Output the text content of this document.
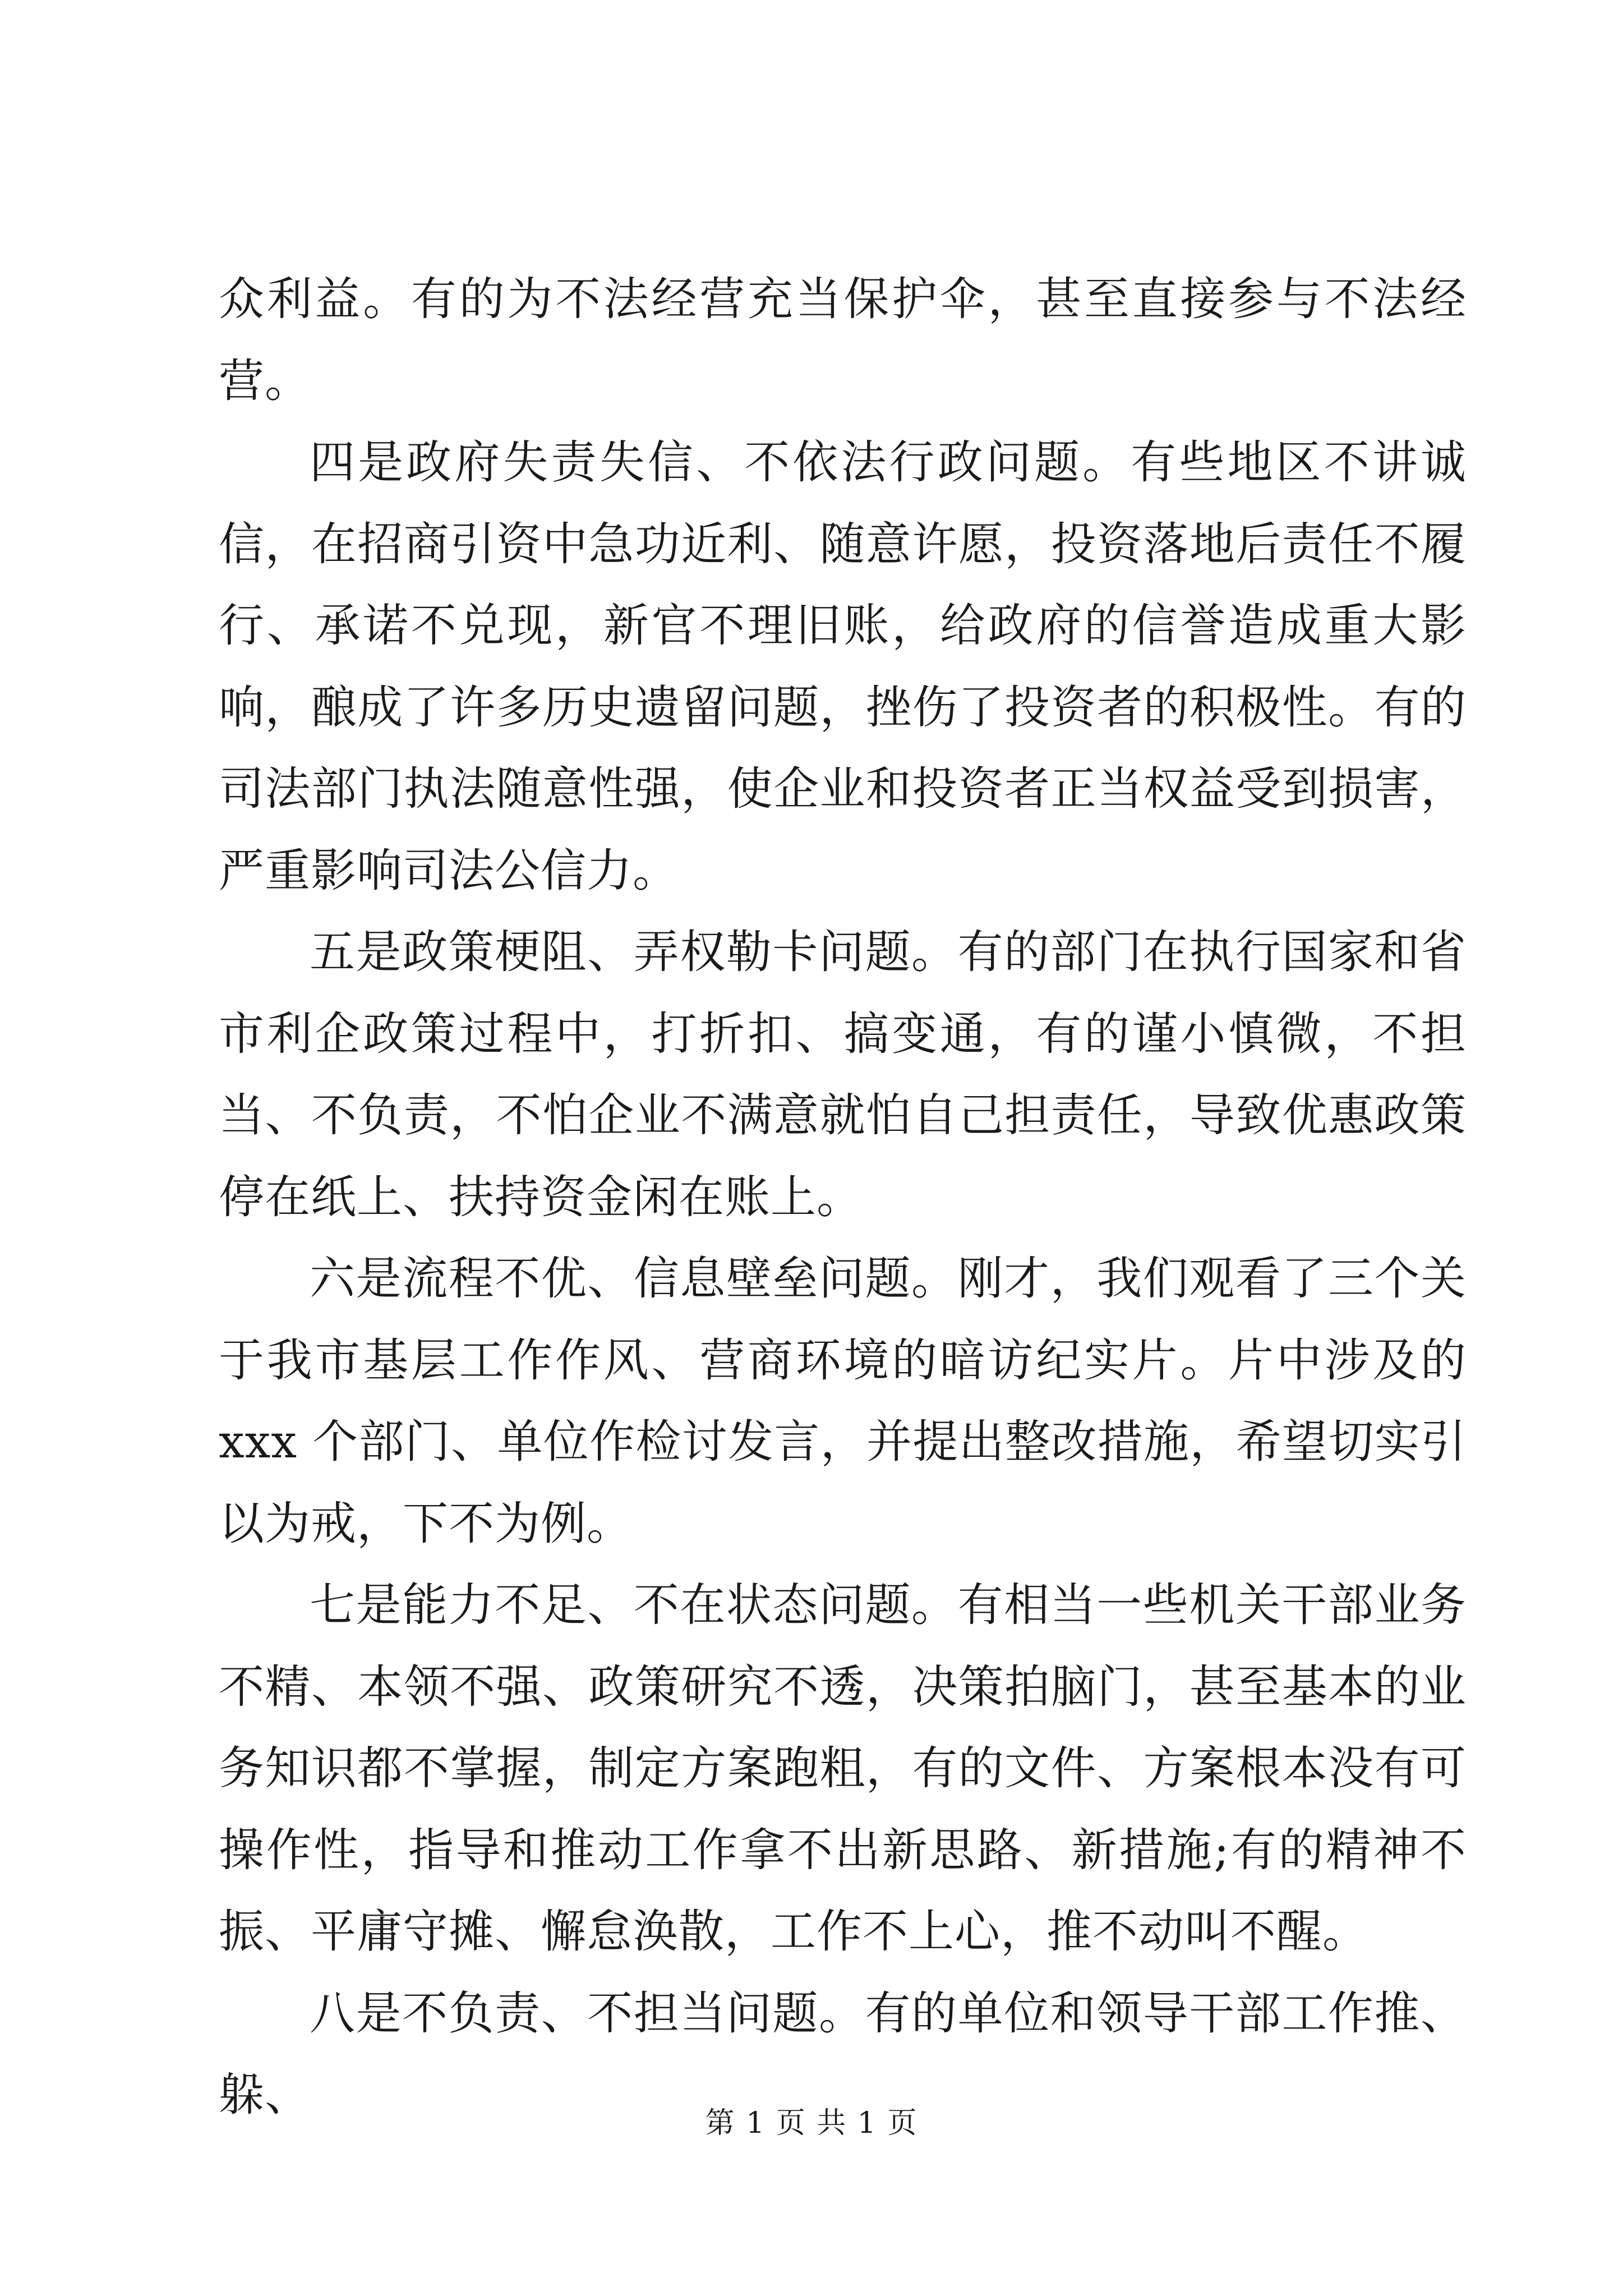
众利益。有的为不法经营充当保护伞，甚至直接参与不法经营。

四是政府失责失信、不依法行政问题。有些地区不讲诚信，在招商引资中急功近利、随意许愿，投资落地后责任不履行、承诺不兑现，新官不理旧账，给政府的信誉造成重大影响，酿成了许多历史遗留问题，挫伤了投资者的积极性。有的司法部门执法随意性强，使企业和投资者正当权益受到损害，严重影响司法公信力。

五是政策梗阻、弄权勒卡问题。有的部门在执行国家和省市利企政策过程中，打折扣、搞变通，有的谨小慎微，不担当、不负责，不怕企业不满意就怕自己担责任，导致优惠政策停在纸上、扶持资金闲在账上。

六是流程不优、信息壁垒问题。刚才，我们观看了三个关于我市基层工作作风、营商环境的暗访纪实片。片中涉及的 xxx 个部门、单位作检讨发言，并提出整改措施，希望切实引以为戒，下不为例。

七是能力不足、不在状态问题。有相当一些机关干部业务不精、本领不强、政策研究不透，决策拍脑门，甚至基本的业务知识都不掌握，制定方案跑粗，有的文件、方案根本没有可操作性，指导和推动工作拿不出新思路、新措施;有的精神不振、平庸守摊、懈怠涣散，工作不上心，推不动叫不醒。

八是不负责、不担当问题。有的单位和领导干部工作推、躲、

第 1 页 共 1 页
